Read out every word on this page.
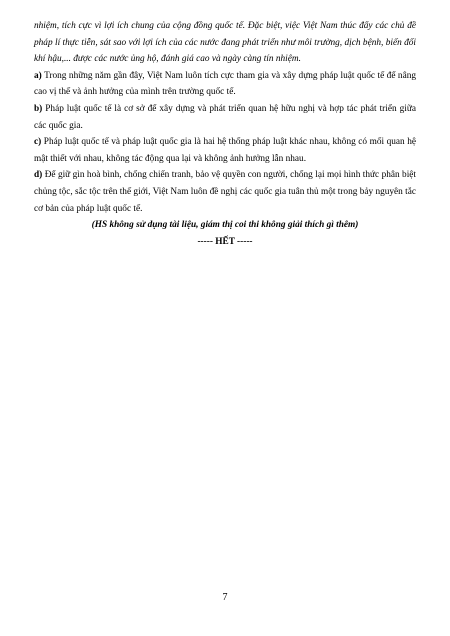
nhiệm, tích cực vì lợi ích chung của cộng đồng quốc tế. Đặc biệt, việc Việt Nam thúc đẩy các chủ đề pháp lí thực tiễn, sát sao với lợi ích của các nước đang phát triển như môi trường, dịch bệnh, biến đổi khí hậu,... được các nước ủng hộ, đánh giá cao và ngày càng tín nhiệm.

a) Trong những năm gần đây, Việt Nam luôn tích cực tham gia và xây dựng pháp luật quốc tế để nâng cao vị thế và ảnh hưởng của mình trên trường quốc tế.

b) Pháp luật quốc tế là cơ sở để xây dựng và phát triển quan hệ hữu nghị và hợp tác phát triển giữa các quốc gia.

c) Pháp luật quốc tế và pháp luật quốc gia là hai hệ thống pháp luật khác nhau, không có mối quan hệ mật thiết với nhau, không tác động qua lại và không ảnh hưởng lẫn nhau.

d) Để giữ gìn hoà bình, chống chiến tranh, bảo vệ quyền con người, chống lại mọi hình thức phân biệt chủng tộc, sắc tộc trên thế giới, Việt Nam luôn đề nghị các quốc gia tuân thủ một trong bảy nguyên tắc cơ bản của pháp luật quốc tế.

(HS không sử dụng tài liệu, giám thị coi thi không giải thích gì thêm)

----- HẾT -----

7
